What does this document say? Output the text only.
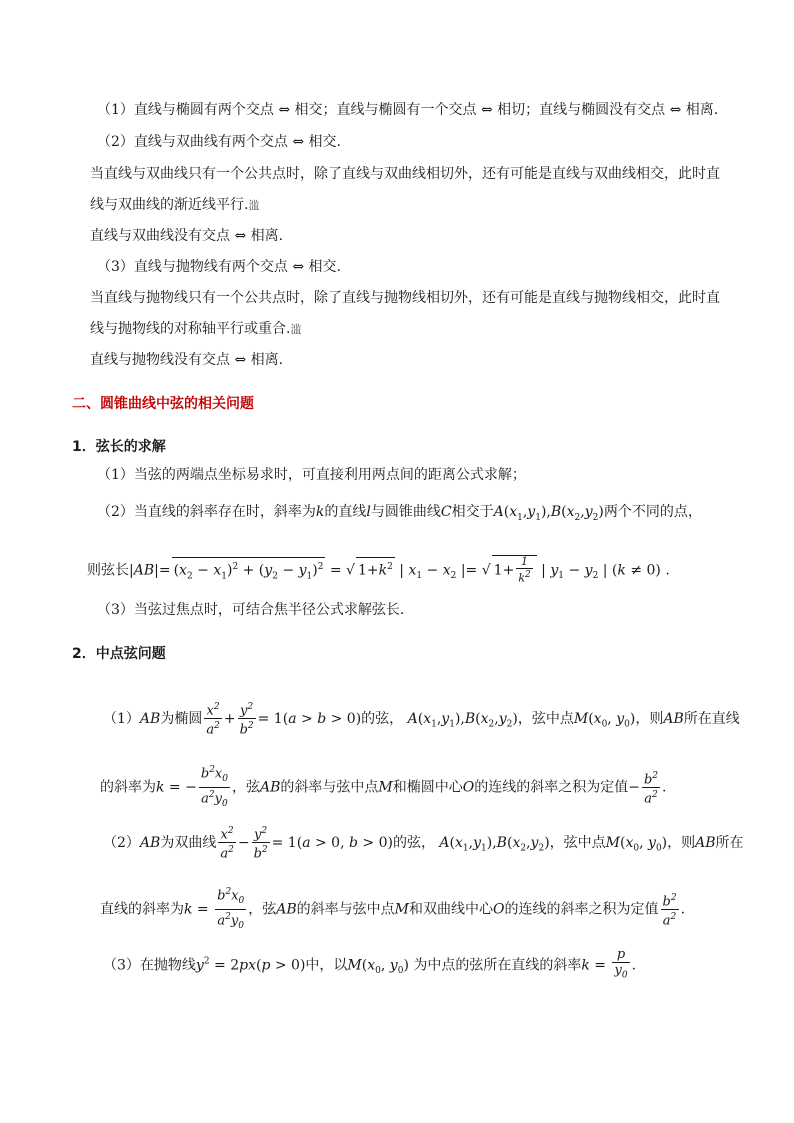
（1）直线与椭圆有两个交点 ⇔ 相交；直线与椭圆有一个交点 ⇔ 相切；直线与椭圆没有交点 ⇔ 相离.
（2）直线与双曲线有两个交点 ⇔ 相交.
当直线与双曲线只有一个公共点时，除了直线与双曲线相切外，还有可能是直线与双曲线相交，此时直
线与双曲线的渐近线平行.滥
直线与双曲线没有交点 ⇔ 相离.
（3）直线与抛物线有两个交点 ⇔ 相交.
当直线与抛物线只有一个公共点时，除了直线与抛物线相切外，还有可能是直线与抛物线相交，此时直
线与抛物线的对称轴平行或重合.滥
直线与抛物线没有交点 ⇔ 相离.
二、圆锥曲线中弦的相关问题
1．弦长的求解
（1）当弦的两端点坐标易求时，可直接利用两点间的距离公式求解；
（2）当直线的斜率存在时，斜率为k的直线l与圆锥曲线C相交于$A(x_1,y_1),B(x_2,y_2)$两个不同的点，
则弦长$|AB|= (x_2 - x_1)^2 + (y_2 - y_1)^2$ = √ $1+k^2$ | $x_1 - x_2$ |= √ $1+ \frac{1}{k^2}$ | $y_1 - y_2$ | (k ≠ 0) .
（3）当弦过焦点时，可结合焦半径公式求解弦长.
2．中点弦问题
（1）AB为椭圆 $\frac{x^2}{a^2} + \frac{y^2}{b^2} = 1(a > b > 0)$的弦， $A(x_1,y_1),B(x_2,y_2)$，弦中点$M(x_0$, $y_0$)，则AB所在直线
的斜率为k = − $\frac{b^2x_0}{a^2y_0}$ ，弦AB的斜率与弦中点M和椭圆中心O的连线的斜率之积为定值− $\frac{b^2}{a^2}$ .
（2）AB为双曲线 $\frac{x^2}{a^2} - \frac{y^2}{b^2} = 1(a > 0$, b > 0)的弦， $A(x_1,y_1),B(x_2,y_2)$，弦中点$M(x_0$, $y_0$)，则AB所在
直线的斜率为$k = \frac{b^2x_0}{a^2y_0}$ ，弦AB的斜率与弦中点M和双曲线中心O的连线的斜率之积为定值 $\frac{b^2}{a^2}$ .
（3）在抛物线$y^2 = 2px(p > 0)$中，以$M(x_0$, $y_0$) 为中点的弦所在直线的斜率$k = \frac{p}{y_0}$ .
